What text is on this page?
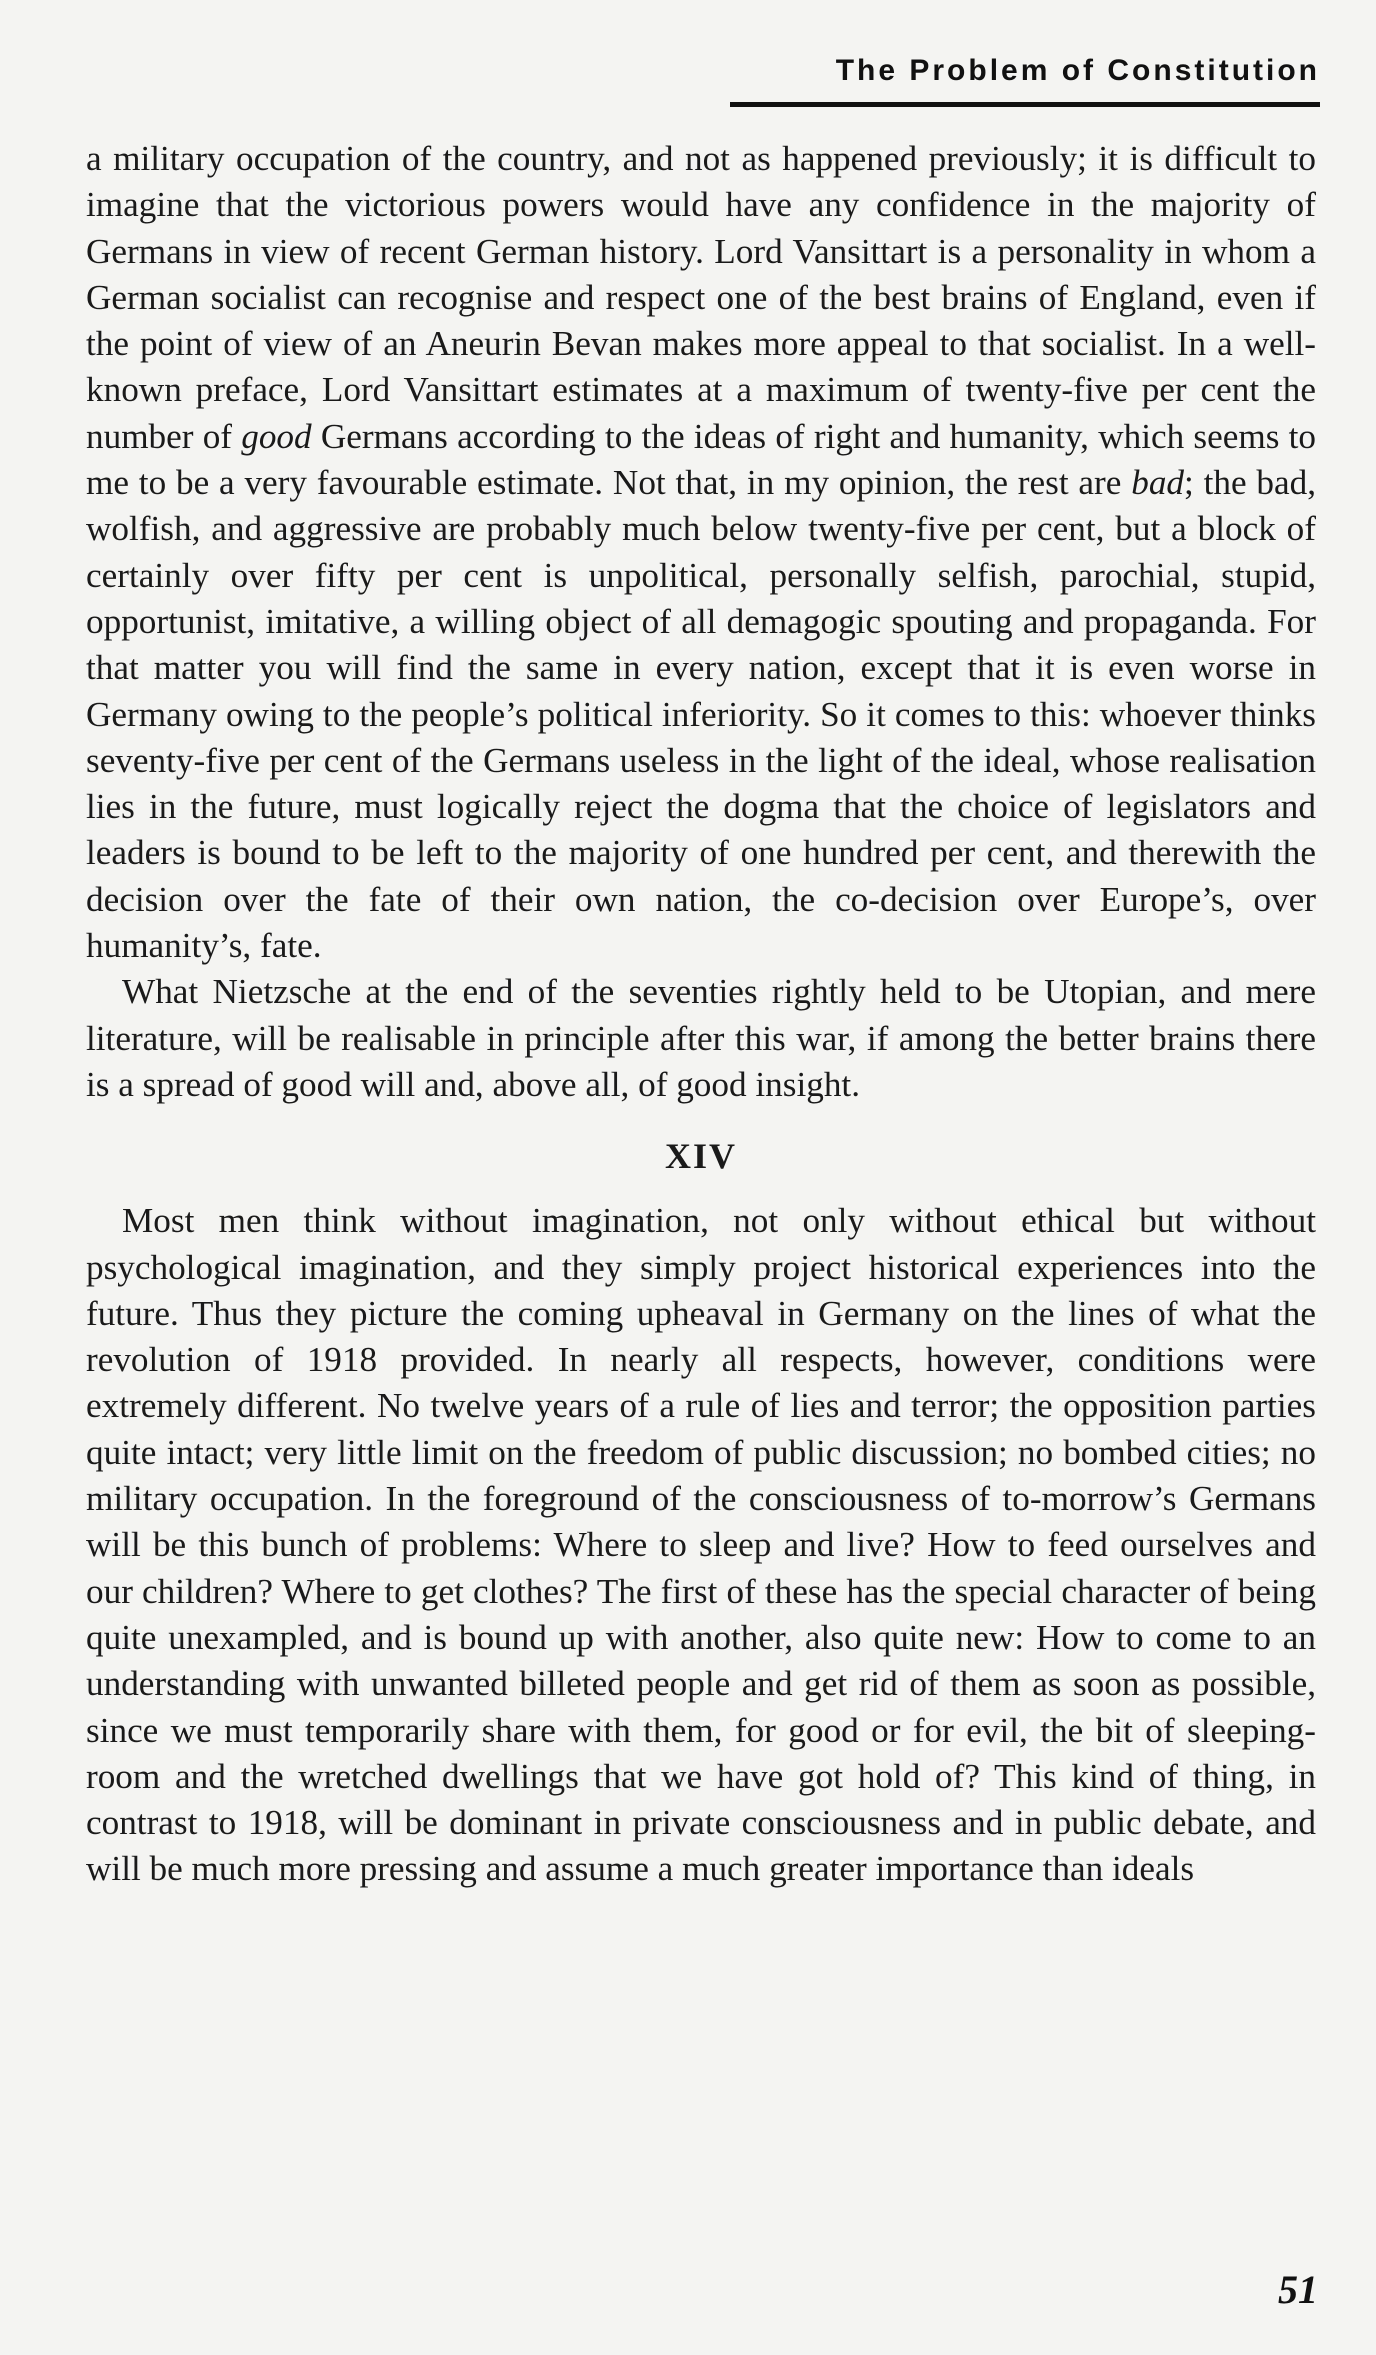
The Problem of Constitution

a military occupation of the country, and not as happened previously; it is difficult to imagine that the victorious powers would have any confidence in the majority of Germans in view of recent German history. Lord Vansittart is a personality in whom a German socialist can recognise and respect one of the best brains of England, even if the point of view of an Aneurin Bevan makes more appeal to that socialist. In a well-known preface, Lord Vansittart estimates at a maximum of twenty-five per cent the number of good Germans according to the ideas of right and humanity, which seems to me to be a very favourable estimate. Not that, in my opinion, the rest are bad; the bad, wolfish, and aggressive are probably much below twenty-five per cent, but a block of certainly over fifty per cent is unpolitical, personally selfish, parochial, stupid, opportunist, imitative, a willing object of all demagogic spouting and propaganda. For that matter you will find the same in every nation, except that it is even worse in Germany owing to the people’s political inferiority. So it comes to this: whoever thinks seventy-five per cent of the Germans useless in the light of the ideal, whose realisation lies in the future, must logically reject the dogma that the choice of legislators and leaders is bound to be left to the majority of one hundred per cent, and therewith the decision over the fate of their own nation, the co-decision over Europe’s, over humanity’s, fate.

What Nietzsche at the end of the seventies rightly held to be Utopian, and mere literature, will be realisable in principle after this war, if among the better brains there is a spread of good will and, above all, of good insight.

XIV

Most men think without imagination, not only without ethical but without psychological imagination, and they simply project historical experiences into the future. Thus they picture the coming upheaval in Germany on the lines of what the revolution of 1918 provided. In nearly all respects, however, conditions were extremely different. No twelve years of a rule of lies and terror; the opposition parties quite intact; very little limit on the freedom of public discussion; no bombed cities; no military occupation. In the foreground of the consciousness of to-morrow’s Germans will be this bunch of problems: Where to sleep and live? How to feed ourselves and our children? Where to get clothes? The first of these has the special character of being quite unexampled, and is bound up with another, also quite new: How to come to an understanding with unwanted billeted people and get rid of them as soon as possible, since we must temporarily share with them, for good or for evil, the bit of sleeping-room and the wretched dwellings that we have got hold of? This kind of thing, in contrast to 1918, will be dominant in private consciousness and in public debate, and will be much more pressing and assume a much greater importance than ideals

51
